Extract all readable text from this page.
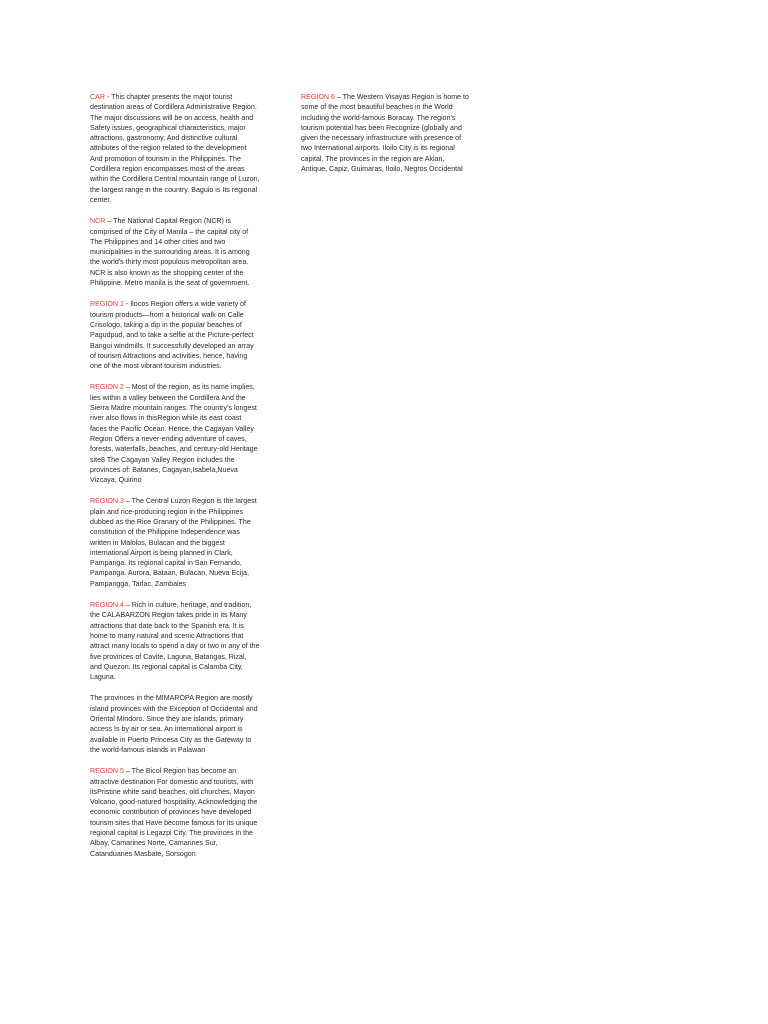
CAR - This chapter presents the major tourist destination areas of Cordillera Administrative Region. The major discussions will be on access, health and Safety issues, geographical characteristics, major attractions, gastronomy, And distinctive cultural attributes of the region related to the development And promotion of tourism in the Philippines. The Cordillera region encompasses most of the areas within the Cordillera Central mountain range of Luzon, the largest range in the country. Baguio is Its regional center.

NCR – The National Capital Region (NCR) is comprised of the City of Manila – the capital city of The Philippines and 14 other cities and two municipalities in the surrounding areas. It is among the world's thirty most populous metropolitan area. NCR is also known as the shopping center of the Philippine. Metro manila is the seat of government.

REGION 1 - Ilocos Region offers a wide variety of tourism products—from a historical walk on Calle Crisologo, taking a dip in the popular beaches of Pagudpud, and to take a selfie at the Picture-perfect Bangui windmills. It successfully developed an array of tourism Attractions and activities, hence, having one of the most vibrant tourism industries.

REGION 2 – Most of the region, as its name implies, lies within a valley between the Cordillera And the Sierra Madre mountain ranges. The country's longest river also flows in thisRegion while its east coast faces the Pacific Ocean. Hence, the Cagayan Valley Region Offers a never-ending adventure of caves, forests, waterfalls, beaches, and century-old Heritage site8 The Cagayan Valley Region includes the provinces of: Batanes, Cagayan,Isabela,Nueva Vizcaya, Quirino

REGION 3 – The Central Luzon Region is the largest plain and rice-producing region in the Philippines dubbed as the Rice Granary of the Philippines. The constitution of the Philippine Independence was written in Malolos, Bulacan and the biggest international Airport is being planned in Clark, Pampanga. Its regional capital in San Fernando, Pampanga. Aurora, Bataan, Bulacan, Nueva Ecija, Pampangga, Tarlac, Zambales

REGION 4 – Rich in culture, heritage, and tradition, the CALABARZON Region takes pride in its Many attractions that date back to the Spanish era. It is home to many natural and scenic Attractions that attract many locals to spend a day or two in any of the five provinces of Cavite, Laguna, Batangas, Rizal, and Quezon. Its regional capital is Calamba City, Laguna.

The provinces in the MIMAROPA Region are mostly island provinces with the Exception of Occidental and Oriental Mindoro. Since they are islands, primary access Is by air or sea. An international airport is available in Puerto Princesa City as the Gateway to the world-famous islands in Palawan

REGION 5 – The Bicol Region has become an attractive destination For domestic and tourists, with itsPristine white sand beaches, old churches, Mayon Volcano, good-natured hospitality. Acknowledging the economic contribution of provinces have developed tourism sites that Have become famous for its unique regional capital is Legazpi City. The provinces in the Albay, Camarines Norte, Camarines Sur, Catanduanes Masbate, Sorsogon

REGION 6 – The Western Visayas Region is home to some of the most beautiful beaches in the World including the world-famous Boracay. The region's tourism potential has been Recognize (globally and given the necessary infrastructure with presence of two International airports. Iloilo City is its regional capital. The provinces in the region are Aklan, Antique, Capiz, Guimaras, Iloilo, Negros Occidental
